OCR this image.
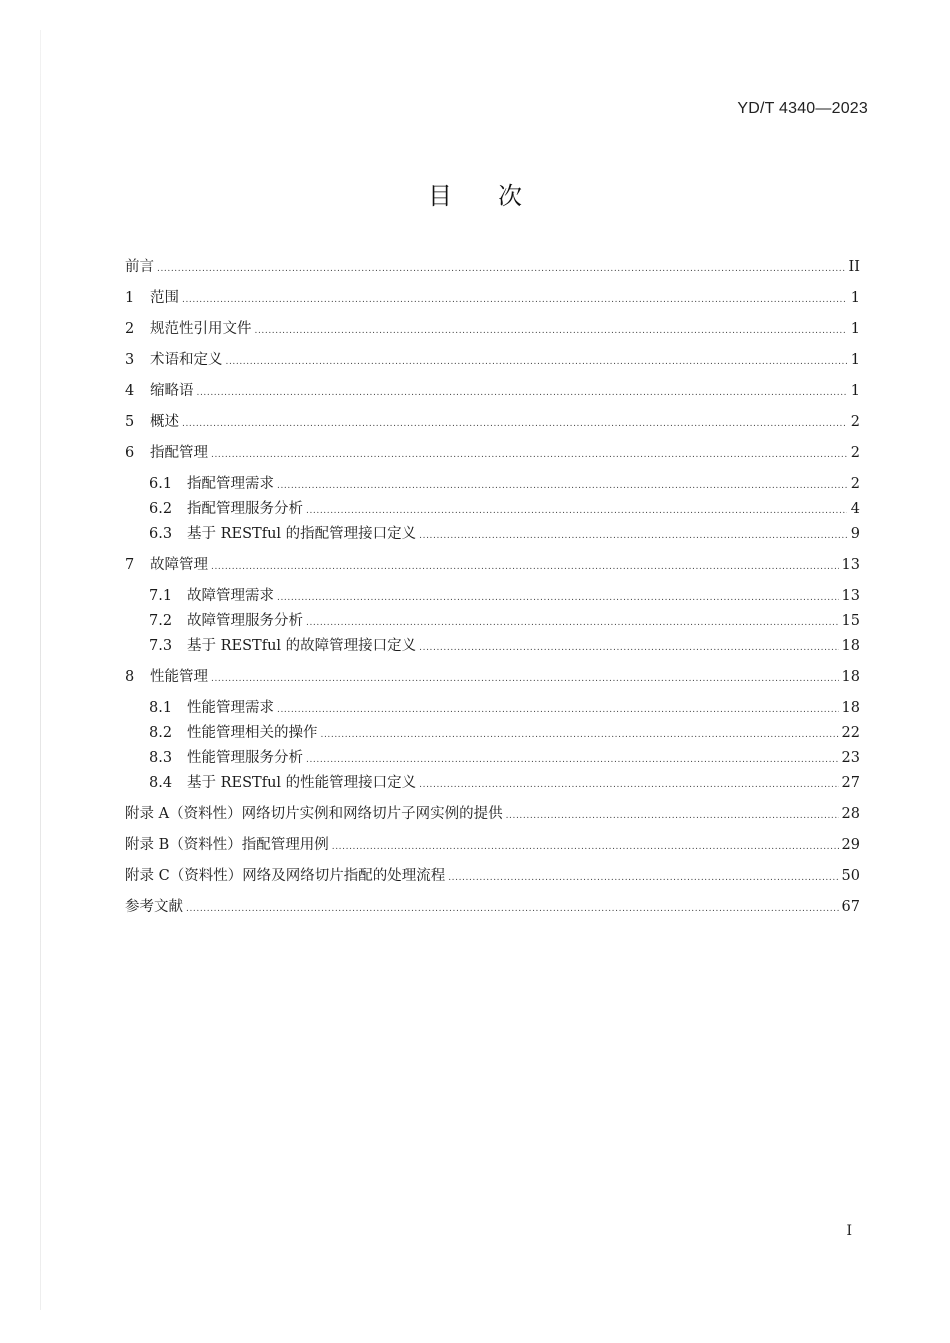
YD/T 4340—2023
目 次
前言 .....	II
1	范围 .....	1
2	规范性引用文件 .....	1
3	术语和定义 .....	1
4	缩略语 .....	1
5	概述 .....	2
6	指配管理 .....	2
6.1	指配管理需求 .....	2
6.2	指配管理服务分析 .....	4
6.3	基于 RESTful 的指配管理接口定义 .....	9
7	故障管理 .....	13
7.1	故障管理需求 .....	13
7.2	故障管理服务分析 .....	15
7.3	基于 RESTful 的故障管理接口定义 .....	18
8	性能管理 .....	18
8.1	性能管理需求 .....	18
8.2	性能管理相关的操作 .....	22
8.3	性能管理服务分析 .....	23
8.4	基于 RESTful 的性能管理接口定义 .....	27
附录 A（资料性）网络切片实例和网络切片子网实例的提供 .....	28
附录 B（资料性）指配管理用例 .....	29
附录 C（资料性）网络及网络切片指配的处理流程 .....	50
参考文献 .....	67
I
